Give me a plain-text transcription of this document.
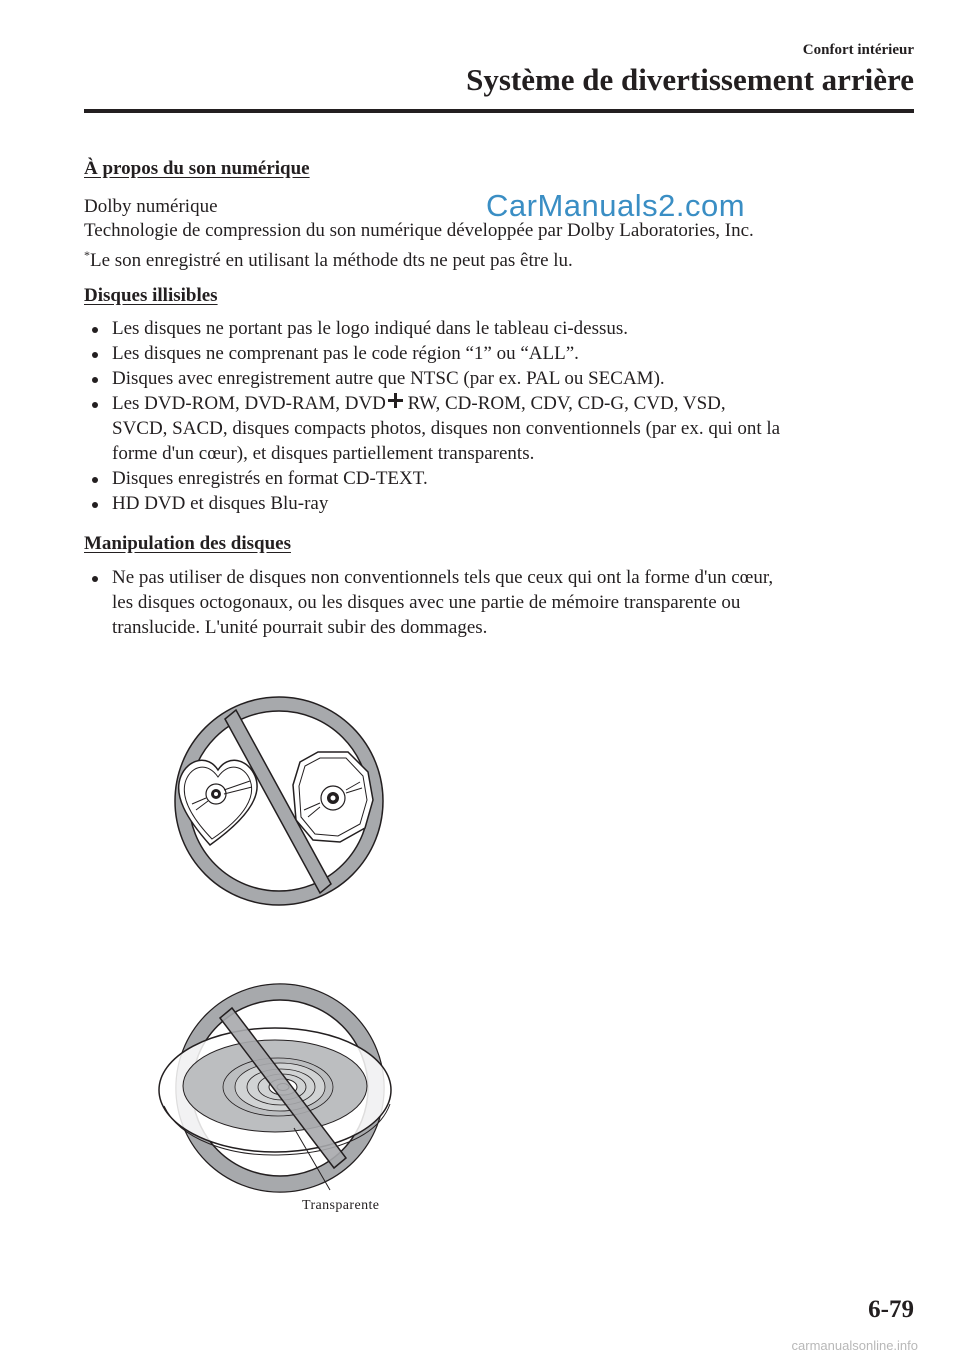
Confort intérieur
Système de divertissement arrière
À propos du son numérique
Dolby numérique	CarManuals2.com
Technologie de compression du son numérique développée par Dolby Laboratories, Inc.
*Le son enregistré en utilisant la méthode dts ne peut pas être lu.
Disques illisibles
Les disques ne portant pas le logo indiqué dans le tableau ci-dessus.
Les disques ne comprenant pas le code région “1” ou “ALL”.
Disques avec enregistrement autre que NTSC (par ex. PAL ou SECAM).
Les DVD-ROM, DVD-RAM, DVD RW, CD-ROM, CDV, CD-G, CVD, VSD,
SVCD, SACD, disques compacts photos, disques non conventionnels (par ex. qui ont la
forme d'un cœur), et disques partiellement transparents.
Disques enregistrés en format CD-TEXT.
HD DVD et disques Blu-ray
Manipulation des disques
Ne pas utiliser de disques non conventionnels tels que ceux qui ont la forme d'un cœur,
les disques octogonaux, ou les disques avec une partie de mémoire transparente ou
translucide. L'unité pourrait subir des dommages.
Transparente
6-79
carmanualsonline.info
